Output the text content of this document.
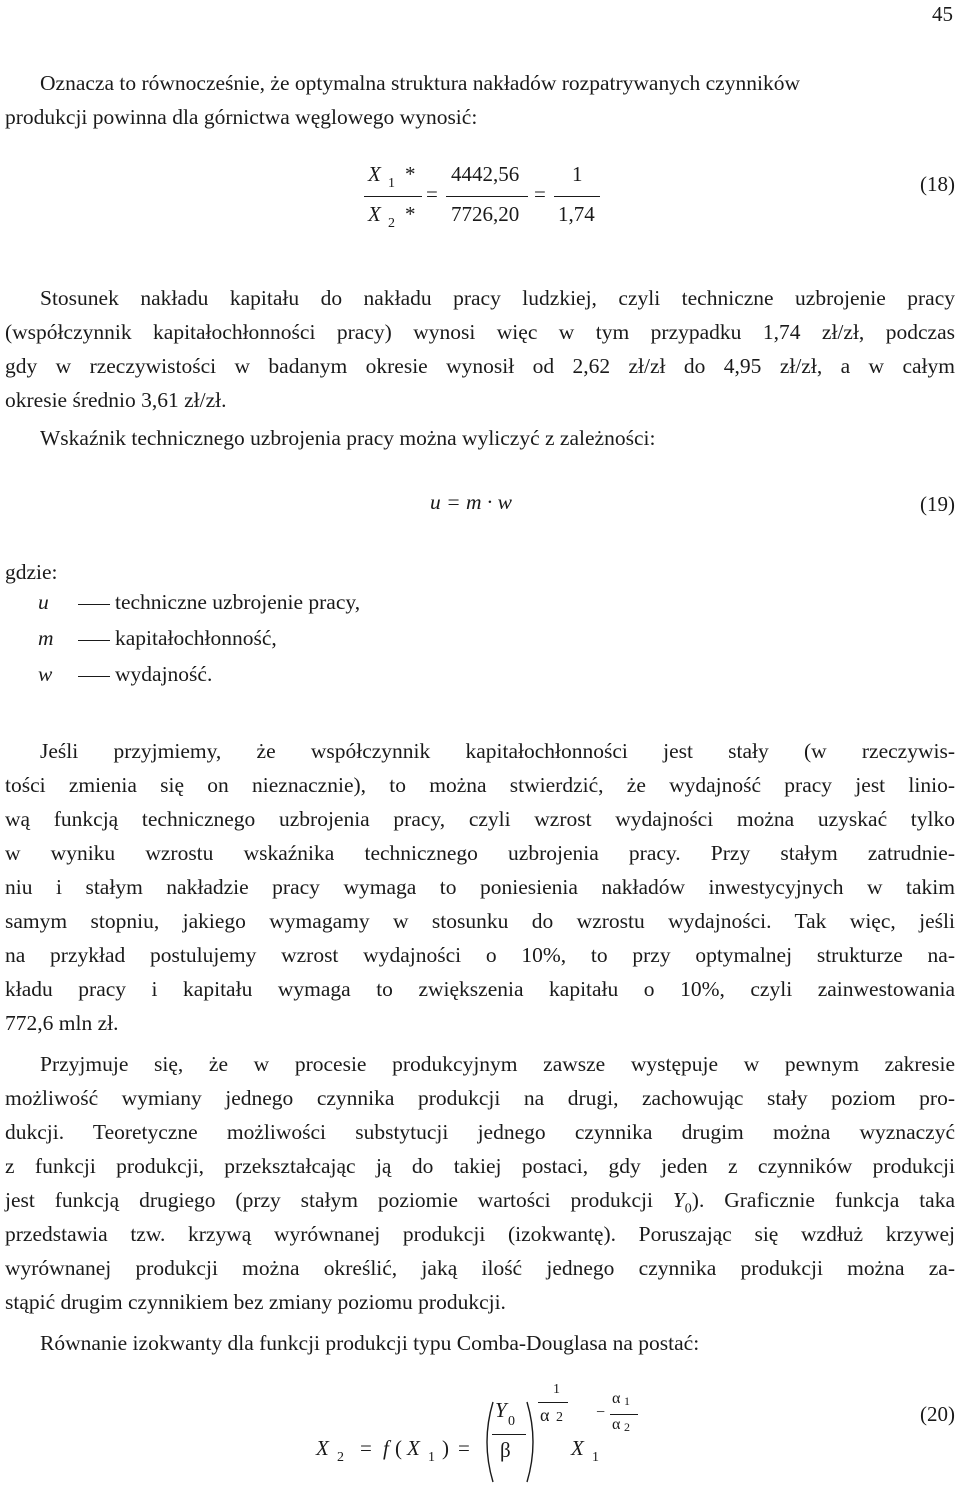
45

Oznacza to równocześnie, że optymalna struktura nakładów rozpatrywanych czynników
produkcji powinna dla górnictwa węglowego wynosić:

X $_1$ *
X $_2$ *
=
4442,56
7726,20
=
1
1,74
(18)

Stosunek nakładu kapitału do nakładu pracy ludzkiej, czyli techniczne uzbrojenie pracy
(współczynnik kapitałochłonności pracy) wynosi więc w tym przypadku 1,74 zł/zł, podczas
gdy w rzeczywistości w badanym okresie wynosił od 2,62 zł/zł do 4,95 zł/zł, a w całym
okresie średnio 3,61 zł/zł.

Wskaźnik technicznego uzbrojenia pracy można wyliczyć z zależności:

u = m · w	(19)
gdzie:
u	techniczne uzbrojenie pracy,
m	kapitałochłonność,
w	wydajność.

Jeśli przyjmiemy, że współczynnik kapitałochłonności jest stały (w rzeczywis-
tości zmienia się on nieznacznie), to można stwierdzić, że wydajność pracy jest linio-
wą funkcją technicznego uzbrojenia pracy, czyli wzrost wydajności można uzyskać tylko
w wyniku wzrostu wskaźnika technicznego uzbrojenia pracy. Przy stałym zatrudnie-
niu i stałym nakładzie pracy wymaga to poniesienia nakładów inwestycyjnych w takim
samym stopniu, jakiego wymagamy w stosunku do wzrostu wydajności. Tak więc, jeśli
na przykład postulujemy wzrost wydajności o 10%, to przy optymalnej strukturze na-
kładu pracy i kapitału wymaga to zwiększenia kapitału o 10%, czyli zainwestowania
772,6 mln zł.

Przyjmuje się, że w procesie produkcyjnym zawsze występuje w pewnym zakresie
możliwość wymiany jednego czynnika produkcji na drugi, zachowując stały poziom pro-
dukcji. Teoretyczne możliwości substytucji jednego czynnika drugim można wyznaczyć
z funkcji produkcji, przekształcając ją do takiej postaci, gdy jeden z czynników produkcji
jest funkcją drugiego (przy stałym poziomie wartości produkcji $Y_0$). Graficznie funkcja taka
przedstawia tzw. krzywą wyrównanej produkcji (izokwantę). Poruszając się wzdłuż krzywej
wyrównanej produkcji można określić, jaką ilość jednego czynnika produkcji można za-
stąpić drugim czynnikiem bez zmiany poziomu produkcji.

Równanie izokwanty dla funkcji produkcji typu Comba-Douglasa na postać:

X $_2$ = f ( X $_1$ ) =
Y $_0$
β
1
α 2
X $_1$
−
α 1
α 2
(20)
